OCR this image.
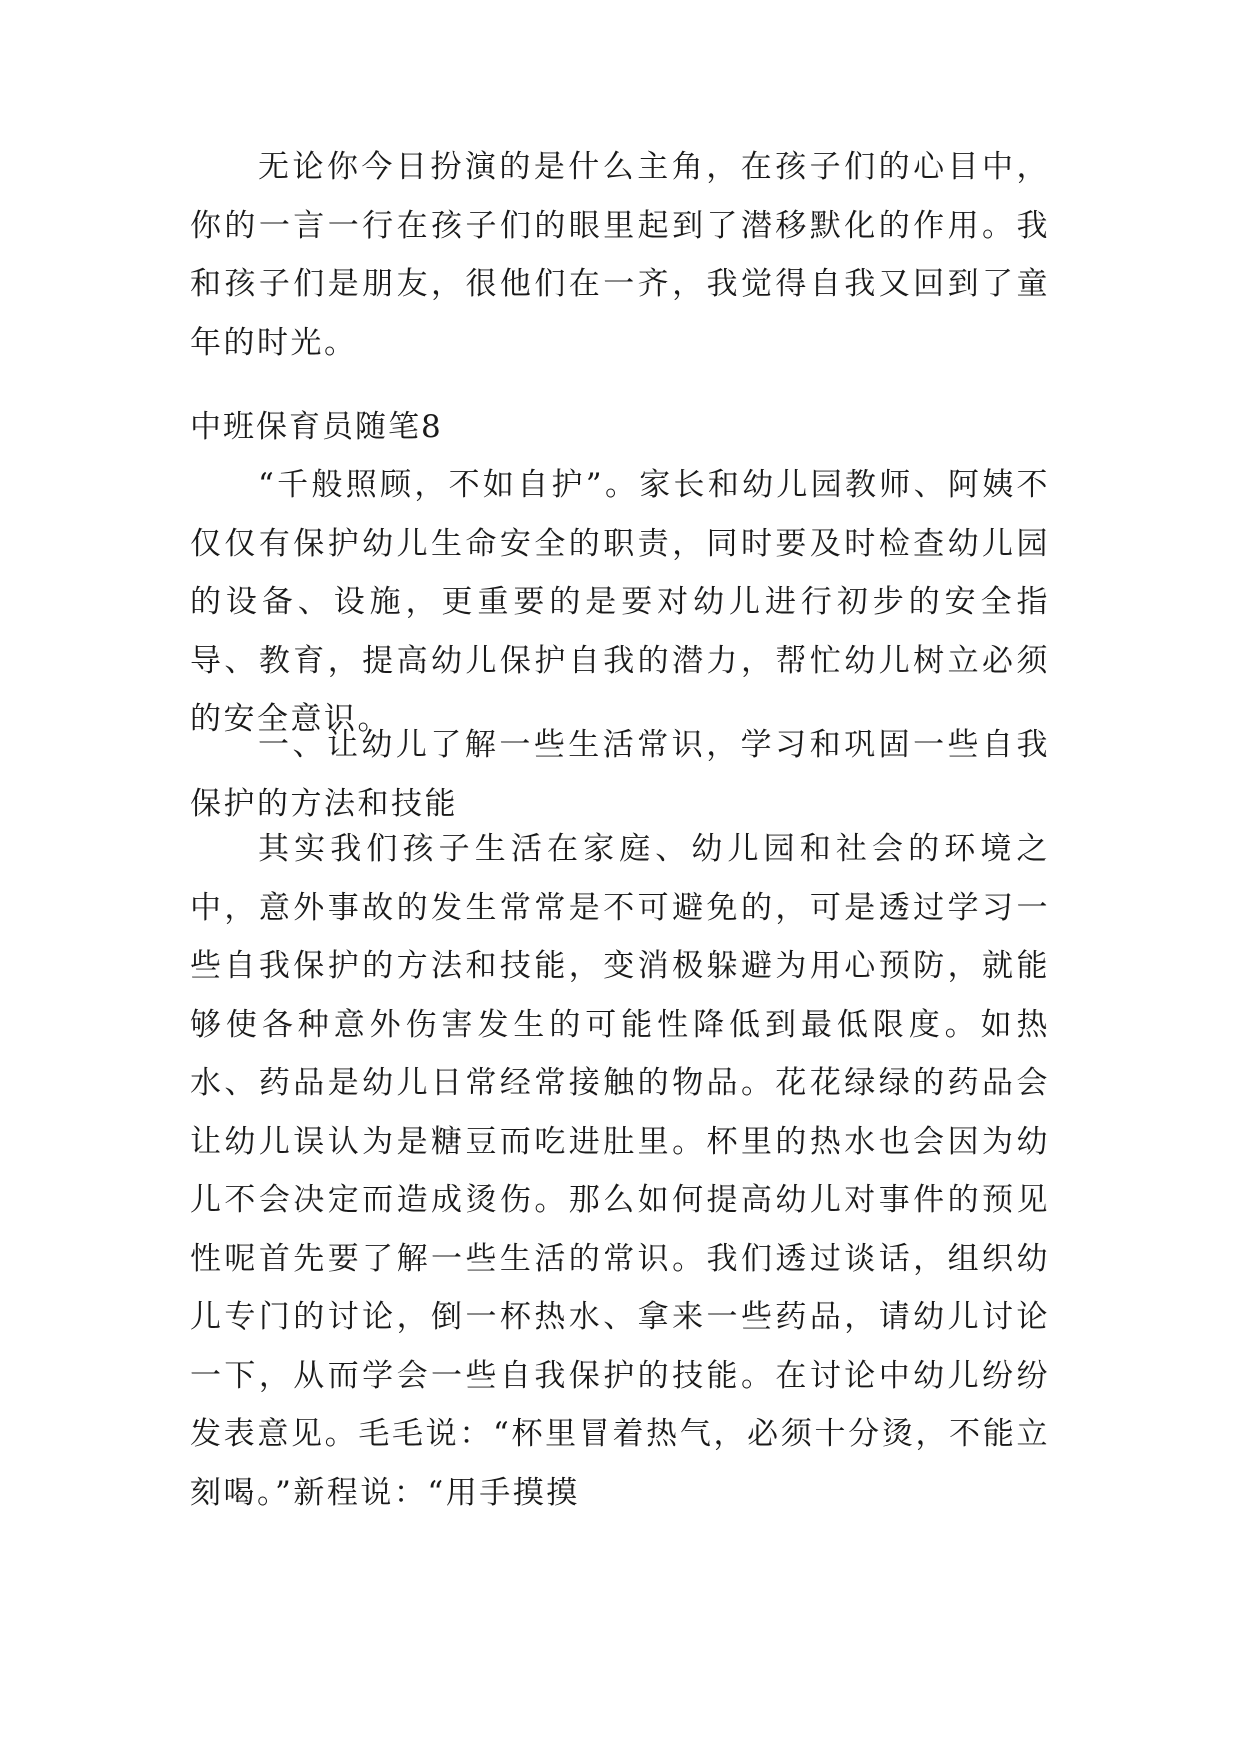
无论你今日扮演的是什么主角，在孩子们的心目中，你的一言一行在孩子们的眼里起到了潜移默化的作用。我和孩子们是朋友，很他们在一齐，我觉得自我又回到了童年的时光。

中班保育员随笔8

“千般照顾，不如自护”。家长和幼儿园教师、阿姨不仅仅有保护幼儿生命安全的职责，同时要及时检查幼儿园的设备、设施，更重要的是要对幼儿进行初步的安全指导、教育，提高幼儿保护自我的潜力，帮忙幼儿树立必须的安全意识。

一、让幼儿了解一些生活常识，学习和巩固一些自我保护的方法和技能

其实我们孩子生活在家庭、幼儿园和社会的环境之中，意外事故的发生常常是不可避免的，可是透过学习一些自我保护的方法和技能，变消极躲避为用心预防，就能够使各种意外伤害发生的可能性降低到最低限度。如热水、药品是幼儿日常经常接触的物品。花花绿绿的药品会让幼儿误认为是糖豆而吃进肚里。杯里的热水也会因为幼儿不会决定而造成烫伤。那么如何提高幼儿对事件的预见性呢首先要了解一些生活的常识。我们透过谈话，组织幼儿专门的讨论，倒一杯热水、拿来一些药品，请幼儿讨论一下，从而学会一些自我保护的技能。在讨论中幼儿纷纷发表意见。毛毛说：“杯里冒着热气，必须十分烫，不能立刻喝。”新程说：“用手摸摸
